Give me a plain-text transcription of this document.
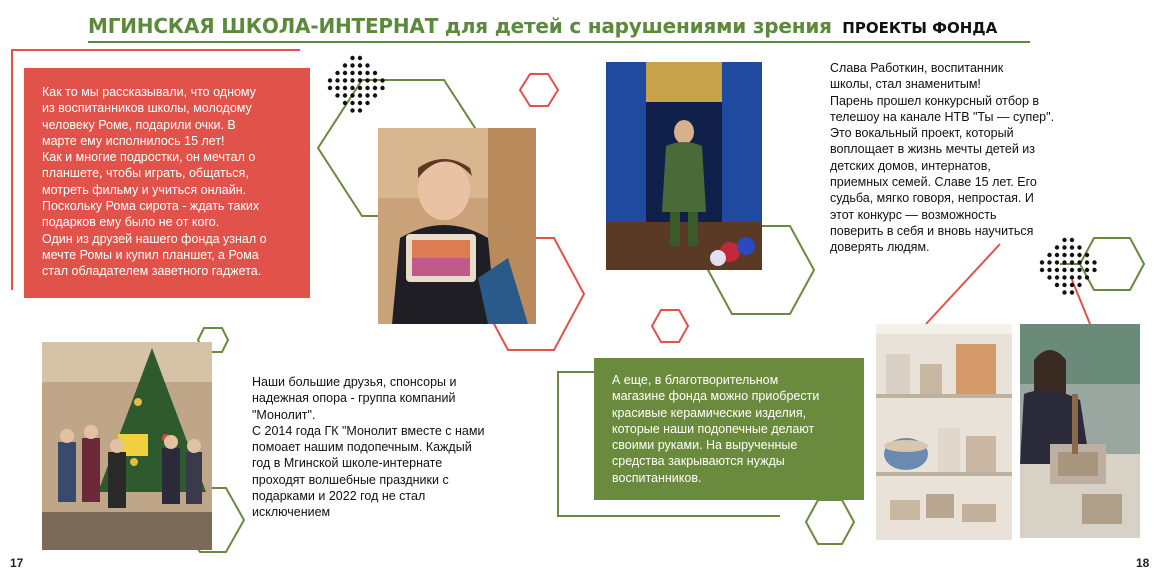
МГИНСКАЯ ШКОЛА-ИНТЕРНАТ для детей с нарушениями зрения ПРОЕКТЫ ФОНДА
Как то мы рассказывали, что одному
из воспитанников школы, молодому
человеку Роме, подарили очки. В
марте ему исполнилось 15 лет!
Как и многие подростки, он мечтал о
планшете, чтобы играть, общаться,
мотреть фильму и учиться онлайн.
Поскольку Рома сирота - ждать таких
подарков ему было не от кого.
Один из друзей нашего фонда узнал о
мечте Ромы и купил планшет, а Рома
стал обладателем заветного гаджета.
Слава Работкин, воспитанник
школы, стал знаменитым!
Парень прошел конкурсный отбор в
телешоу на канале НТВ "Ты — супер".
Это вокальный проект, который
воплощает в жизнь мечты детей из
детских домов, интернатов,
приемных семей. Славе 15 лет. Его
судьба, мягко говоря, непростая. И
этот конкурс — возможность
поверить в себя и вновь научиться
доверять людям.
Наши большие друзья, спонсоры и
надежная опора - группа компаний
"Монолит".
С 2014 года ГК "Монолит вместе с нами
помоает нашим подопечным. Каждый
год в Мгинской школе-интернате
проходят волшебные праздники с
подарками и 2022 год не стал
исключением
А еще, в благотворительном
магазине фонда можно приобрести
красивые керамические изделия,
которые наши подопечные делают
своими руками. На вырученные
средства закрываются нужды
воспитанников.
17	18
